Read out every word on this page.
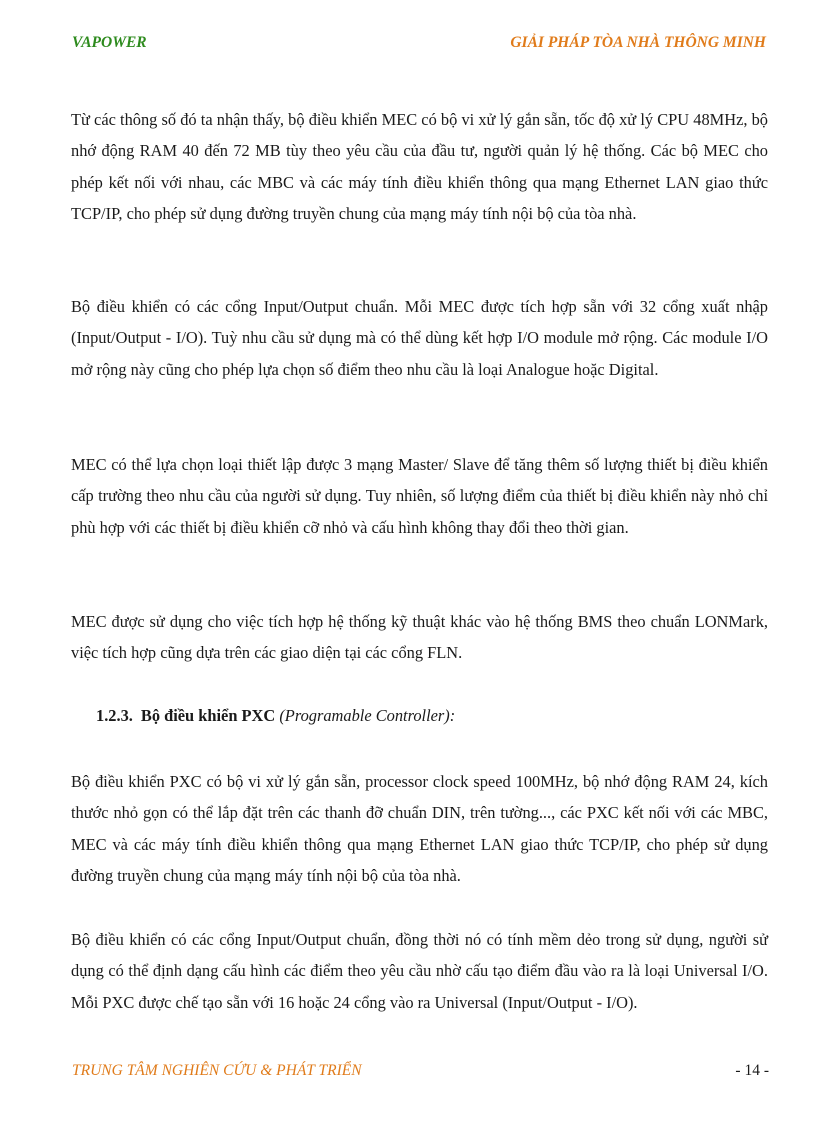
VAPOWER	GIẢI PHÁP TÒA NHÀ THÔNG MINH

Từ các thông số đó ta nhận thấy, bộ điều khiển MEC có bộ vi xử lý gắn sẵn, tốc độ xử lý CPU 48MHz, bộ nhớ động RAM 40 đến 72 MB tùy theo yêu cầu của đầu tư, người quản lý hệ thống. Các bộ MEC cho phép kết nối với nhau, các MBC và các máy tính điều khiển thông qua mạng Ethernet LAN giao thức TCP/IP, cho phép sử dụng đường truyền chung của mạng máy tính nội bộ của tòa nhà.

Bộ điều khiển có các cổng Input/Output chuẩn. Mỗi MEC được tích hợp sẵn với 32 cổng xuất nhập (Input/Output - I/O). Tuỳ nhu cầu sử dụng mà có thể dùng kết hợp I/O module mở rộng. Các module I/O mở rộng này cũng cho phép lựa chọn số điểm theo nhu cầu là loại Analogue hoặc Digital.

MEC có thể lựa chọn loại thiết lập được 3 mạng Master/ Slave để tăng thêm số lượng thiết bị điều khiển cấp trường theo nhu cầu của người sử dụng. Tuy nhiên, số lượng điểm của thiết bị điều khiển này nhỏ chỉ phù hợp với các thiết bị điều khiển cỡ nhỏ và cấu hình không thay đổi theo thời gian.

MEC được sử dụng cho việc tích hợp hệ thống kỹ thuật khác vào hệ thống BMS theo chuẩn LONMark, việc tích hợp cũng dựa trên các giao diện tại các cổng FLN.

1.2.3. Bộ điều khiển PXC (Programable Controller):

Bộ điều khiển PXC có bộ vi xử lý gắn sẵn, processor clock speed 100MHz, bộ nhớ động RAM 24, kích thước nhỏ gọn có thể lắp đặt trên các thanh đỡ chuẩn DIN, trên tường..., các PXC kết nối với các MBC, MEC và các máy tính điều khiển thông qua mạng Ethernet LAN giao thức TCP/IP, cho phép sử dụng đường truyền chung của mạng máy tính nội bộ của tòa nhà.

Bộ điều khiển có các cổng Input/Output chuẩn, đồng thời nó có tính mềm dẻo trong sử dụng, người sử dụng có thể định dạng cấu hình các điểm theo yêu cầu nhờ cấu tạo điểm đầu vào ra là loại Universal I/O. Mỗi PXC được chế tạo sẵn với 16 hoặc 24 cổng vào ra Universal (Input/Output - I/O).

TRUNG TÂM NGHIÊN CỨU & PHÁT TRIỂN	- 14 -
